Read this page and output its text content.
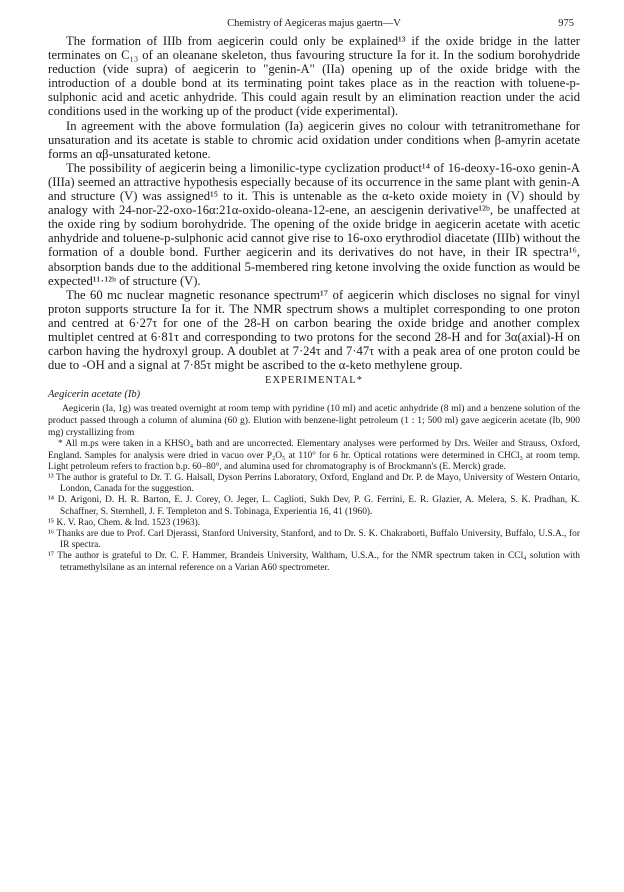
Chemistry of Aegiceras majus gaertn—V	975

The formation of IIIb from aegicerin could only be explained¹³ if the oxide bridge in the latter terminates on C₁₃ of an oleanane skeleton, thus favouring structure Ia for it. In the sodium borohydride reduction (vide supra) of aegicerin to "genin-A" (IIa) opening up of the oxide bridge with the introduction of a double bond at its terminating point takes place as in the reaction with toluene-p-sulphonic acid and acetic anhydride. This could again result by an elimination reaction under the acid conditions used in the working up of the product (vide experimental).

In agreement with the above formulation (Ia) aegicerin gives no colour with tetranitromethane for unsaturation and its acetate is stable to chromic acid oxidation under conditions when β-amyrin acetate forms an αβ-unsaturated ketone.

The possibility of aegicerin being a limonilic-type cyclization product¹⁴ of 16-deoxy-16-oxo genin-A (IIIa) seemed an attractive hypothesis especially because of its occurrence in the same plant with genin-A and structure (V) was assigned¹⁵ to it. This is untenable as the α-keto oxide moiety in (V) should by analogy with 24-nor-22-oxo-16α:21α-oxido-oleana-12-ene, an aescigenin derivative¹²ᵇ, be unaffected at the oxide ring by sodium borohydride. The opening of the oxide bridge in aegicerin acetate with acetic anhydride and toluene-p-sulphonic acid cannot give rise to 16-oxo erythrodiol diacetate (IIIb) without the formation of a double bond. Further aegicerin and its derivatives do not have, in their IR spectra¹⁶, absorption bands due to the additional 5-membered ring ketone involving the oxide function as would be expected¹¹·¹²ᵇ of structure (V).

The 60 mc nuclear magnetic resonance spectrum¹⁷ of aegicerin which discloses no signal for vinyl proton supports structure Ia for it. The NMR spectrum shows a multiplet corresponding to one proton and centred at 6·27τ for one of the 28-H on carbon bearing the oxide bridge and another complex multiplet centred at 6·81τ and corresponding to two protons for the second 28-H and for 3α(axial)-H on carbon having the hydroxyl group. A doublet at 7·24τ and 7·47τ with a peak area of one proton could be due to -OH and a signal at 7·85τ might be ascribed to the α-keto methylene group.

EXPERIMENTAL*
Aegicerin acetate (Ib)

Aegicerin (Ia, 1g) was treated overnight at room temp with pyridine (10 ml) and acetic anhydride (8 ml) and a benzene solution of the product passed through a column of alumina (60 g). Elution with benzene-light petroleum (1 : 1; 500 ml) gave aegicerin acetate (Ib, 900 mg) crystallizing from

* All m.ps were taken in a KHSO₄ bath and are uncorrected. Elementary analyses were performed by Drs. Weiler and Strauss, Oxford, England. Samples for analysis were dried in vacuo over P₂O₅ at 110° for 6 hr. Optical rotations were determined in CHCl₃ at room temp. Light petroleum refers to fraction b.p. 60–80°, and alumina used for chromatography is of Brockmann's (E. Merck) grade.

¹³ The author is grateful to Dr. T. G. Halsall, Dyson Perrins Laboratory, Oxford, England and Dr. P. de Mayo, University of Western Ontario, London, Canada for the suggestion.

¹⁴ D. Arigoni, D. H. R. Barton, E. J. Corey, O. Jeger, L. Caglioti, Sukh Dev, P. G. Ferrini, E. R. Glazier, A. Melera, S. K. Pradhan, K. Schaffner, S. Sternhell, J. F. Templeton and S. Tobinaga, Experientia 16, 41 (1960).

¹⁵ K. V. Rao, Chem. & Ind. 1523 (1963).

¹⁶ Thanks are due to Prof. Carl Djerassi, Stanford University, Stanford, and to Dr. S. K. Chakraborti, Buffalo University, Buffalo, U.S.A., for IR spectra.

¹⁷ The author is grateful to Dr. C. F. Hammer, Brandeis University, Waltham, U.S.A., for the NMR spectrum taken in CCl₄ solution with tetramethylsilane as an internal reference on a Varian A60 spectrometer.
